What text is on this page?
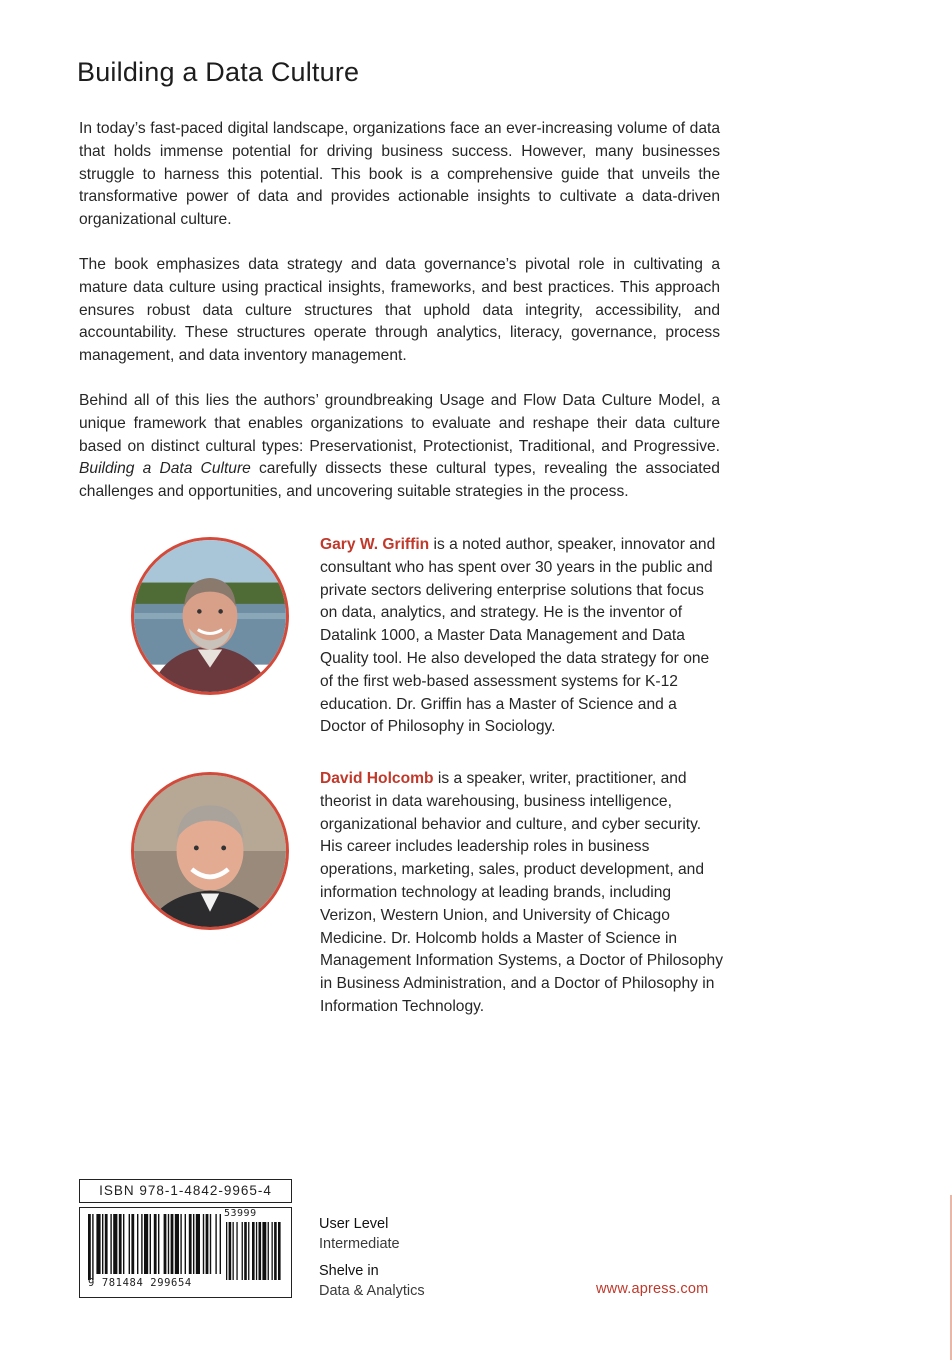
Building a Data Culture

In today’s fast-paced digital landscape, organizations face an ever-increasing volume of data that holds immense potential for driving business success. However, many businesses struggle to harness this potential. This book is a comprehensive guide that unveils the transformative power of data and provides actionable insights to cultivate a data-driven organizational culture.

The book emphasizes data strategy and data governance’s pivotal role in cultivating a mature data culture using practical insights, frameworks, and best practices. This approach ensures robust data culture structures that uphold data integrity, accessibility, and accountability. These structures operate through analytics, literacy, governance, process management, and data inventory management.

Behind all of this lies the authors’ groundbreaking Usage and Flow Data Culture Model, a unique framework that enables organizations to evaluate and reshape their data culture based on distinct cultural types: Preservationist, Protectionist, Traditional, and Progressive. Building a Data Culture carefully dissects these cultural types, revealing the associated challenges and opportunities, and uncovering suitable strategies in the process.

Gary W. Griffin is a noted author, speaker, innovator and consultant who has spent over 30 years in the public and private sectors delivering enterprise solutions that focus on data, analytics, and strategy. He is the inventor of Datalink 1000, a Master Data Management and Data Quality tool. He also developed the data strategy for one of the first web-based assessment systems for K-12 education. Dr. Griffin has a Master of Science and a Doctor of Philosophy in Sociology.

David Holcomb is a speaker, writer, practitioner, and theorist in data warehousing, business intelligence, organizational behavior and culture, and cyber security. His career includes leadership roles in business operations, marketing, sales, product development, and information technology at leading brands, including Verizon, Western Union, and University of Chicago Medicine. Dr. Holcomb holds a Master of Science in Management Information Systems, a Doctor of Philosophy in Business Administration, and a Doctor of Philosophy in Information Technology.

ISBN 978-1-4842-9965-4
53999
9 781484 299654
User Level
Intermediate
Shelve in
Data & Analytics	www.apress.com
